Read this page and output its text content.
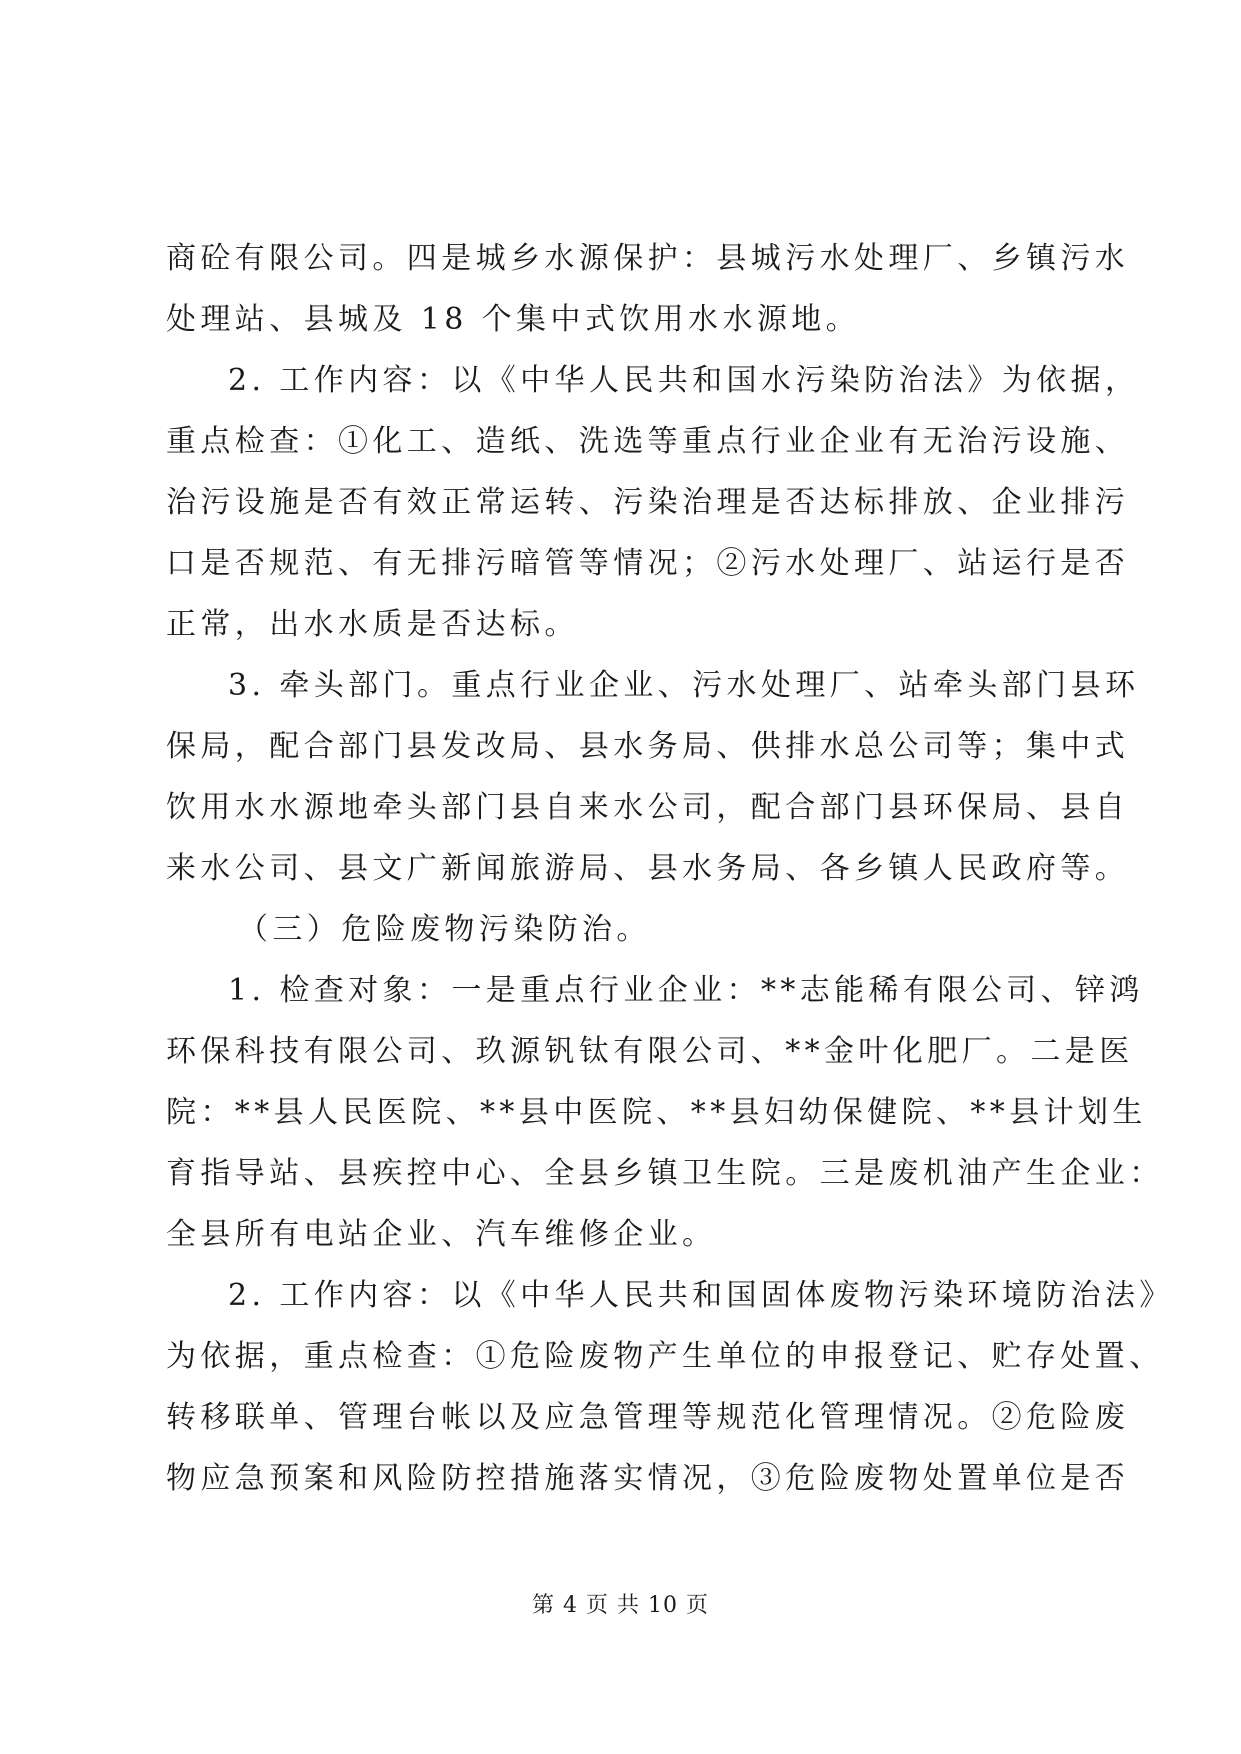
商砼有限公司。四是城乡水源保护：县城污水处理厂、乡镇污水
处理站、县城及 18 个集中式饮用水水源地。
2. 工作内容：以《中华人民共和国水污染防治法》为依据，
重点检查：①化工、造纸、洗选等重点行业企业有无治污设施、
治污设施是否有效正常运转、污染治理是否达标排放、企业排污
口是否规范、有无排污暗管等情况；②污水处理厂、站运行是否
正常，出水水质是否达标。
3. 牵头部门。重点行业企业、污水处理厂、站牵头部门县环
保局，配合部门县发改局、县水务局、供排水总公司等；集中式
饮用水水源地牵头部门县自来水公司，配合部门县环保局、县自
来水公司、县文广新闻旅游局、县水务局、各乡镇人民政府等。
（三）危险废物污染防治。
1. 检查对象：一是重点行业企业：**志能稀有限公司、锌鸿
环保科技有限公司、玖源钒钛有限公司、**金叶化肥厂。二是医
院：**县人民医院、**县中医院、**县妇幼保健院、**县计划生
育指导站、县疾控中心、全县乡镇卫生院。三是废机油产生企业：
全县所有电站企业、汽车维修企业。
2. 工作内容：以《中华人民共和国固体废物污染环境防治法》
为依据，重点检查：①危险废物产生单位的申报登记、贮存处置、
转移联单、管理台帐以及应急管理等规范化管理情况。②危险废
物应急预案和风险防控措施落实情况，③危险废物处置单位是否
第 4 页 共 10 页
